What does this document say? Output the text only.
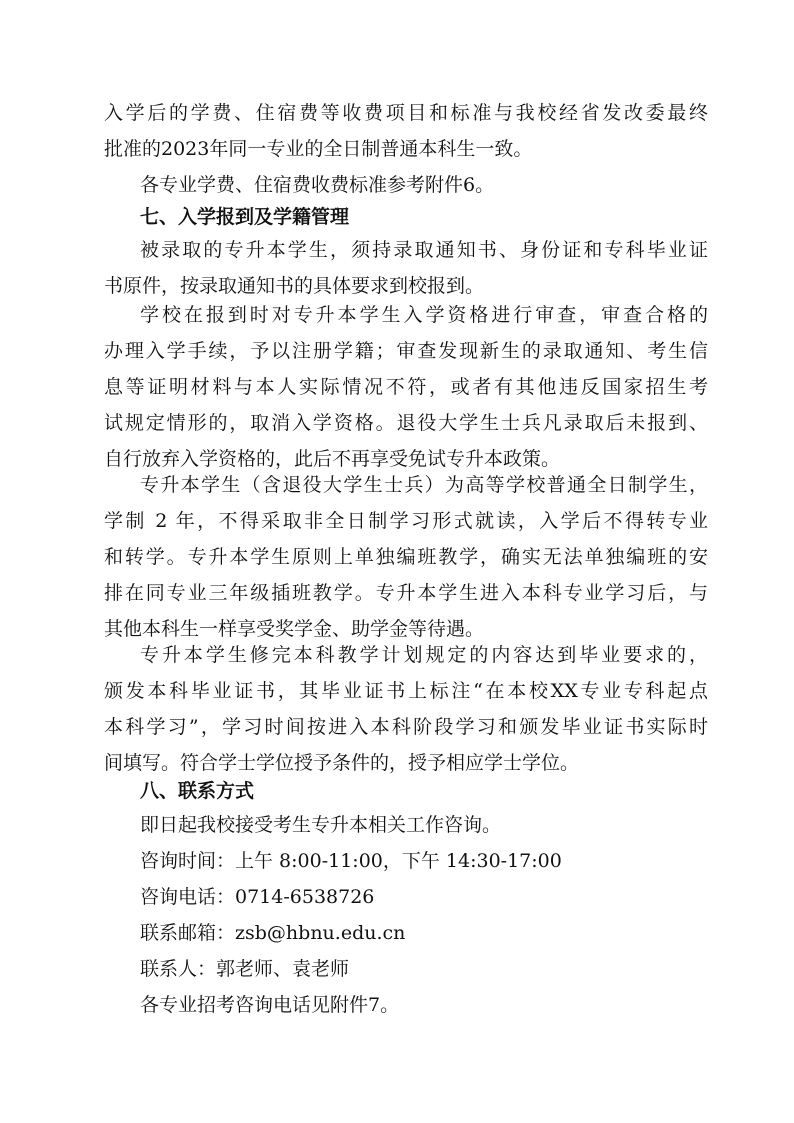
入学后的学费、住宿费等收费项目和标准与我校经省发改委最终
批准的2023年同一专业的全日制普通本科生一致。
各专业学费、住宿费收费标准参考附件6。
七、入学报到及学籍管理
被录取的专升本学生，须持录取通知书、身份证和专科毕业证
书原件，按录取通知书的具体要求到校报到。
学校在报到时对专升本学生入学资格进行审查，审查合格的
办理入学手续，予以注册学籍；审查发现新生的录取通知、考生信
息等证明材料与本人实际情况不符，或者有其他违反国家招生考
试规定情形的，取消入学资格。退役大学生士兵凡录取后未报到、
自行放弃入学资格的，此后不再享受免试专升本政策。
专升本学生（含退役大学生士兵）为高等学校普通全日制学生，
学制 2 年，不得采取非全日制学习形式就读，入学后不得转专业
和转学。专升本学生原则上单独编班教学，确实无法单独编班的安
排在同专业三年级插班教学。专升本学生进入本科专业学习后，与
其他本科生一样享受奖学金、助学金等待遇。
专升本学生修完本科教学计划规定的内容达到毕业要求的，
颁发本科毕业证书，其毕业证书上标注“在本校XX专业专科起点
本科学习”，学习时间按进入本科阶段学习和颁发毕业证书实际时
间填写。符合学士学位授予条件的，授予相应学士学位。
八、联系方式
即日起我校接受考生专升本相关工作咨询。
咨询时间：上午 8:00-11:00，下午 14:30-17:00
咨询电话：0714-6538726
联系邮箱：zsb@hbnu.edu.cn
联系人：郭老师、袁老师
各专业招考咨询电话见附件7。
